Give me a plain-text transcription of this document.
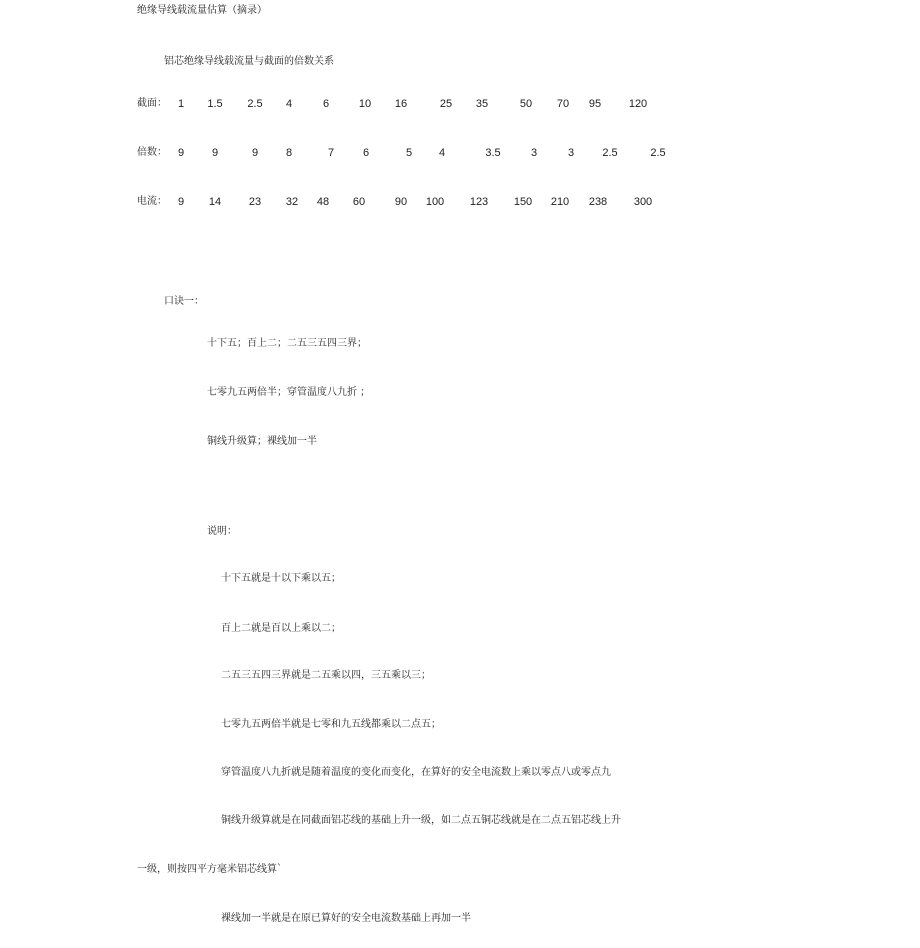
绝缘导线载流量估算（摘录）
铝芯绝缘导线载流量与截面的倍数关系
截面： 1 1.5 2.5 4	6	10 16	25 35	50 70 95	120
倍数： 9	9	9	8	7	6	5 4	3.5	3	3	2.5	2.5
电流： 9 14	23 32 48 60	90 100 123 150 210 238 300
口诀一：
十下五；百上二；二五三五四三界；
七零九五两倍半；穿管温度八九折 ；
铜线升级算；裸线加一半
说明：
十下五就是十以下乘以五；
百上二就是百以上乘以二；
二五三五四三界就是二五乘以四，三五乘以三；
七零九五两倍半就是七零和九五线都乘以二点五；
穿管温度八九折就是随着温度的变化而变化，在算好的安全电流数上乘以零点八或零点九
铜线升级算就是在同截面铝芯线的基础上升一级，如二点五铜芯线就是在二点五铝芯线上升
一级，则按四平方毫米铝芯线算`
裸线加一半就是在原已算好的安全电流数基础上再加一半
